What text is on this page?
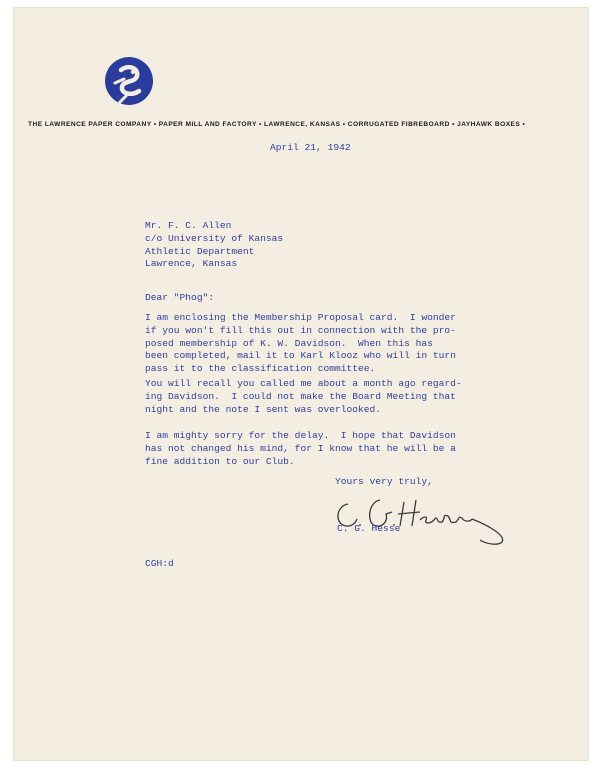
THE LAWRENCE PAPER COMPANY • PAPER MILL AND FACTORY • LAWRENCE, KANSAS • CORRUGATED FIBREBOARD • JAYHAWK BOXES •
April 21, 1942
Mr. F. C. Allen
c/o University of Kansas
Athletic Department
Lawrence, Kansas
Dear "Phog":
I am enclosing the Membership Proposal card.  I wonder
if you won't fill this out in connection with the pro-
posed membership of K. W. Davidson.  When this has
been completed, mail it to Karl Klooz who will in turn
pass it to the classification committee.
You will recall you called me about a month ago regard-
ing Davidson.  I could not make the Board Meeting that
night and the note I sent was overlooked.
I am mighty sorry for the delay.  I hope that Davidson
has not changed his mind, for I know that he will be a
fine addition to our Club.
Yours very truly,
C. G. Hesse
CGH:d
